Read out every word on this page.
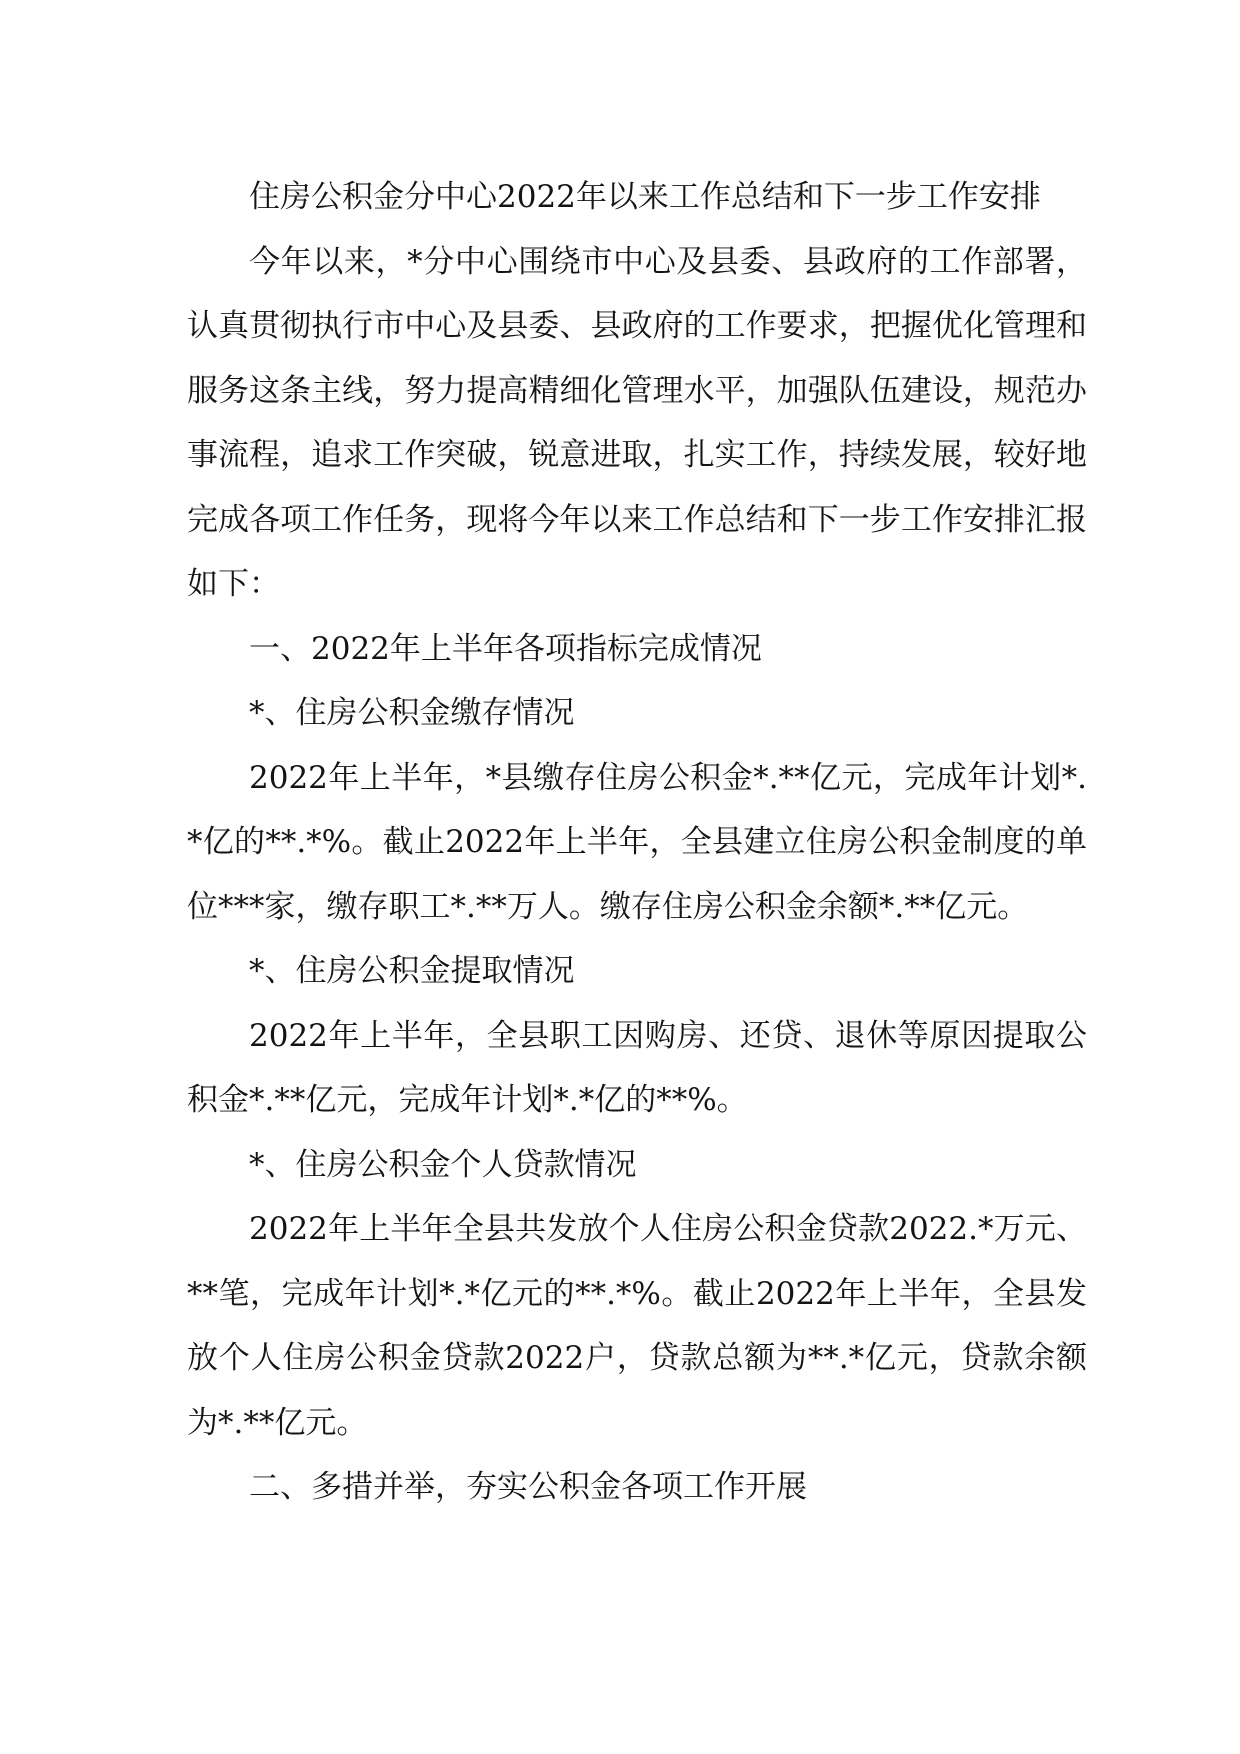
住房公积金分中心2022年以来工作总结和下一步工作安排

今年以来，*分中心围绕市中心及县委、县政府的工作部署，认真贯彻执行市中心及县委、县政府的工作要求，把握优化管理和服务这条主线，努力提高精细化管理水平，加强队伍建设，规范办事流程，追求工作突破，锐意进取，扎实工作，持续发展，较好地完成各项工作任务，现将今年以来工作总结和下一步工作安排汇报如下：

一、2022年上半年各项指标完成情况

*、住房公积金缴存情况

2022年上半年，*县缴存住房公积金*.**亿元，完成年计划*.*亿的**.*%。截止2022年上半年，全县建立住房公积金制度的单位***家，缴存职工*.**万人。缴存住房公积金余额*.**亿元。

*、住房公积金提取情况

2022年上半年，全县职工因购房、还贷、退休等原因提取公积金*.**亿元，完成年计划*.*亿的**%。

*、住房公积金个人贷款情况

2022年上半年全县共发放个人住房公积金贷款2022.*万元、**笔，完成年计划*.*亿元的**.*%。截止2022年上半年，全县发放个人住房公积金贷款2022户，贷款总额为**.*亿元，贷款余额为*.**亿元。

二、多措并举，夯实公积金各项工作开展
